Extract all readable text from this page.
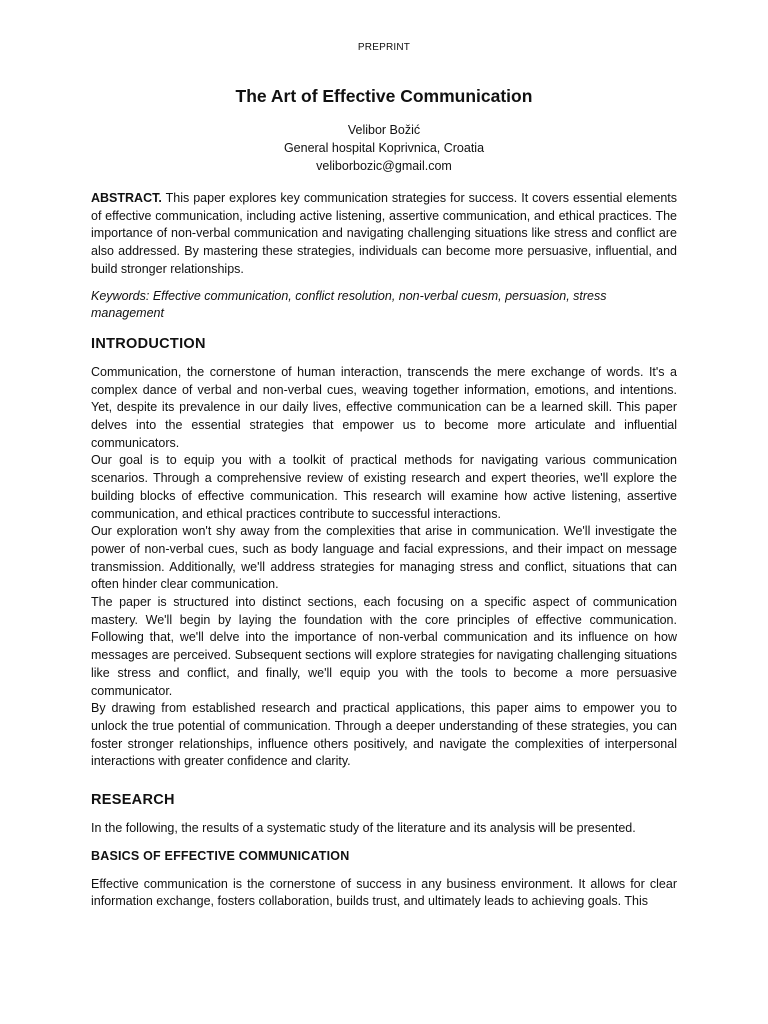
PREPRINT
The Art of Effective Communication
Velibor Božić
General hospital Koprivnica, Croatia
veliborbozic@gmail.com

ABSTRACT. This paper explores key communication strategies for success. It covers essential elements of effective communication, including active listening, assertive communication, and ethical practices. The importance of non-verbal communication and navigating challenging situations like stress and conflict are also addressed. By mastering these strategies, individuals can become more persuasive, influential, and build stronger relationships.

Keywords: Effective communication, conflict resolution, non-verbal cuesm, persuasion, stress management

INTRODUCTION

Communication, the cornerstone of human interaction, transcends the mere exchange of words. It's a complex dance of verbal and non-verbal cues, weaving together information, emotions, and intentions. Yet, despite its prevalence in our daily lives, effective communication can be a learned skill. This paper delves into the essential strategies that empower us to become more articulate and influential communicators.

Our goal is to equip you with a toolkit of practical methods for navigating various communication scenarios. Through a comprehensive review of existing research and expert theories, we'll explore the building blocks of effective communication. This research will examine how active listening, assertive communication, and ethical practices contribute to successful interactions.

Our exploration won't shy away from the complexities that arise in communication. We'll investigate the power of non-verbal cues, such as body language and facial expressions, and their impact on message transmission. Additionally, we'll address strategies for managing stress and conflict, situations that can often hinder clear communication.

The paper is structured into distinct sections, each focusing on a specific aspect of communication mastery. We'll begin by laying the foundation with the core principles of effective communication. Following that, we'll delve into the importance of non-verbal communication and its influence on how messages are perceived. Subsequent sections will explore strategies for navigating challenging situations like stress and conflict, and finally, we'll equip you with the tools to become a more persuasive communicator.

By drawing from established research and practical applications, this paper aims to empower you to unlock the true potential of communication. Through a deeper understanding of these strategies, you can foster stronger relationships, influence others positively, and navigate the complexities of interpersonal interactions with greater confidence and clarity.

RESEARCH

In the following, the results of a systematic study of the literature and its analysis will be presented.

BASICS OF EFFECTIVE COMMUNICATION

Effective communication is the cornerstone of success in any business environment. It allows for clear information exchange, fosters collaboration, builds trust, and ultimately leads to achieving goals. This
